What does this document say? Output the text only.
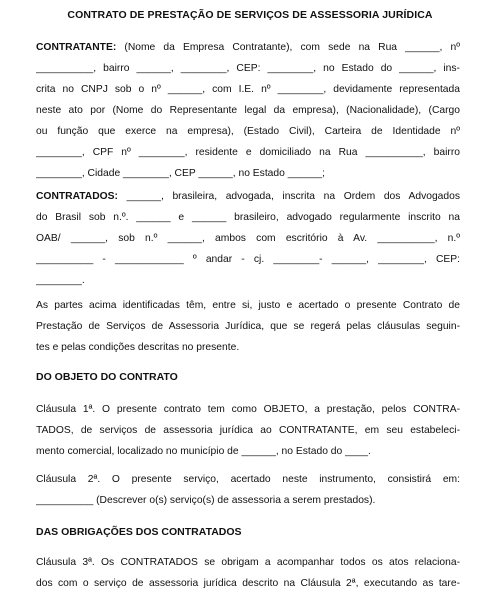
CONTRATO DE PRESTAÇÃO DE SERVIÇOS DE ASSESSORIA JURÍDICA
CONTRATANTE: (Nome da Empresa Contratante), com sede na Rua ______, nº
__________, bairro ______, ________, CEP: ________, no Estado do ______, ins-
crita no CNPJ sob o nº ______, com I.E. nº ________, devidamente representada
neste ato por (Nome do Representante legal da empresa), (Nacionalidade), (Cargo
ou função que exerce na empresa), (Estado Civil), Carteira de Identidade nº
________, CPF nº ________, residente e domiciliado na Rua __________, bairro
________, Cidade ________, CEP ______, no Estado ______;
CONTRATADOS: ______, brasileira, advogada, inscrita na Ordem dos Advogados
do Brasil sob n.º. ______ e ______ brasileiro, advogado regularmente inscrito na
OAB/ ______, sob n.º ______, ambos com escritório à Av. __________, n.º
__________ - ____________ º andar - cj. ________- ______, ________, CEP:
________.
As partes acima identificadas têm, entre si, justo e acertado o presente Contrato de
Prestação de Serviços de Assessoria Jurídica, que se regerá pelas cláusulas seguin-
tes e pelas condições descritas no presente.
DO OBJETO DO CONTRATO
Cláusula 1ª. O presente contrato tem como OBJETO, a prestação, pelos CONTRA-
TADOS, de serviços de assessoria jurídica ao CONTRATANTE, em seu estabeleci-
mento comercial, localizado no município de ______, no Estado do ____.
Cláusula 2ª. O presente serviço, acertado neste instrumento, consistirá em:
__________ (Descrever o(s) serviço(s) de assessoria a serem prestados).
DAS OBRIGAÇÕES DOS CONTRATADOS
Cláusula 3ª. Os CONTRATADOS se obrigam a acompanhar todos os atos relaciona-
dos com o serviço de assessoria jurídica descrito na Cláusula 2ª, executando as tare-
